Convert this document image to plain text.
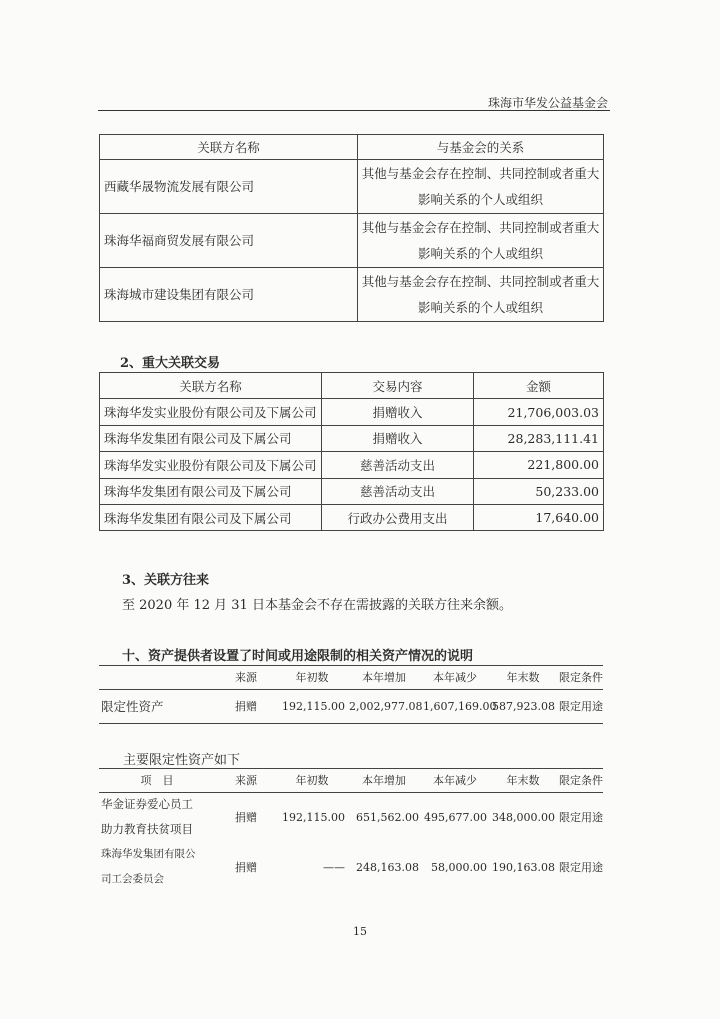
珠海市华发公益基金会
关联方名称	与基金会的关系
西藏华晟物流发展有限公司	其他与基金会存在控制、共同控制或者重大影响关系的个人或组织
珠海华福商贸发展有限公司	其他与基金会存在控制、共同控制或者重大影响关系的个人或组织
珠海城市建设集团有限公司	其他与基金会存在控制、共同控制或者重大影响关系的个人或组织
2、重大关联交易
关联方名称	交易内容	金额
珠海华发实业股份有限公司及下属公司	捐赠收入	21,706,003.03
珠海华发集团有限公司及下属公司	捐赠收入	28,283,111.41
珠海华发实业股份有限公司及下属公司	慈善活动支出	221,800.00
珠海华发集团有限公司及下属公司	慈善活动支出	50,233.00
珠海华发集团有限公司及下属公司	行政办公费用支出	17,640.00
3、关联方往来
至 2020 年 12 月 31 日本基金会不存在需披露的关联方往来余额。
十、资产提供者设置了时间或用途限制的相关资产情况的说明
	来源	年初数	本年增加	本年减少	年末数	限定条件
限定性资产	捐赠	192,115.00	2,002,977.08	1,607,169.00	587,923.08	限定用途
主要限定性资产如下
项　目	来源	年初数	本年增加	本年减少	年末数	限定条件

华金证券爱心员工
助力教育扶贫项目	捐赠	192,115.00	651,562.00	495,677.00	348,000.00	限定用途

珠海华发集团有限公
司工会委员会	捐赠	——	248,163.08	58,000.00	190,163.08	限定用途
15
